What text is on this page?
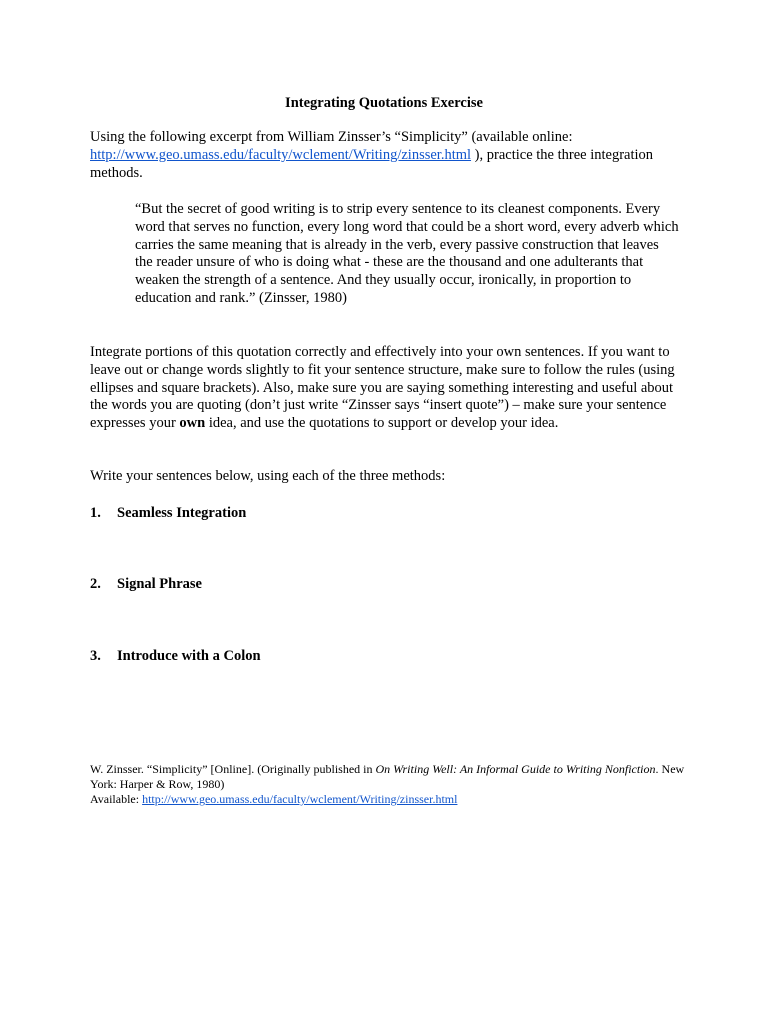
Integrating Quotations Exercise
Using the following excerpt from William Zinsser’s “Simplicity” (available online: http://www.geo.umass.edu/faculty/wclement/Writing/zinsser.html ), practice the three integration methods.
“But the secret of good writing is to strip every sentence to its cleanest components. Every word that serves no function, every long word that could be a short word, every adverb which carries the same meaning that is already in the verb, every passive construction that leaves the reader unsure of who is doing what - these are the thousand and one adulterants that weaken the strength of a sentence. And they usually occur, ironically, in proportion to education and rank.” (Zinsser, 1980)
Integrate portions of this quotation correctly and effectively into your own sentences. If you want to leave out or change words slightly to fit your sentence structure, make sure to follow the rules (using ellipses and square brackets). Also, make sure you are saying something interesting and useful about the words you are quoting (don’t just write “Zinsser says “insert quote”) – make sure your sentence expresses your own idea, and use the quotations to support or develop your idea.
Write your sentences below, using each of the three methods:
1. Seamless Integration
2. Signal Phrase
3. Introduce with a Colon
W. Zinsser. “Simplicity” [Online]. (Originally published in On Writing Well: An Informal Guide to Writing Nonfiction. New York: Harper & Row, 1980)
Available: http://www.geo.umass.edu/faculty/wclement/Writing/zinsser.html
